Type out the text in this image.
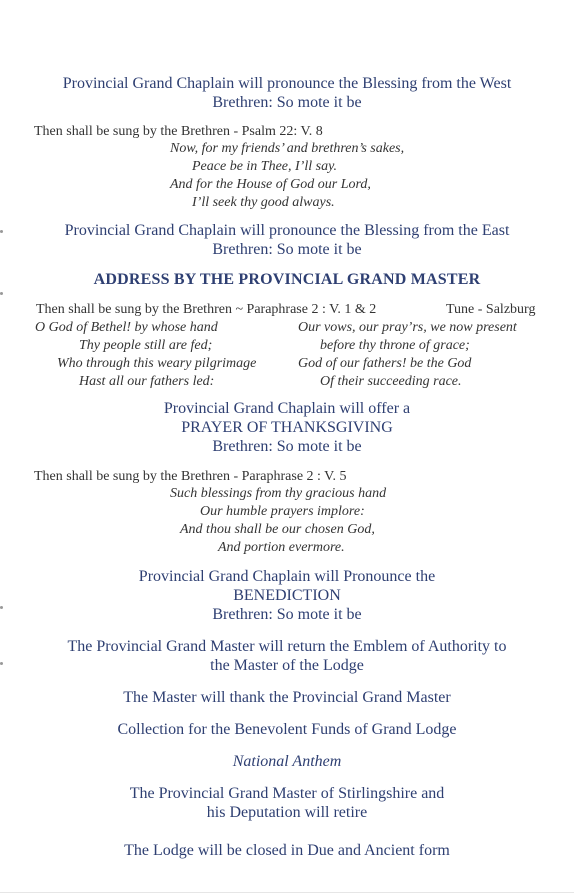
Provincial Grand Chaplain will pronounce the Blessing from the West
Brethren: So mote it be
Then shall be sung by the Brethren - Psalm 22: V. 8
Now, for my friends’ and brethren’s sakes,
Peace be in Thee, I’ll say.
And for the House of God our Lord,
I’ll seek thy good always.
Provincial Grand Chaplain will pronounce the Blessing from the East
Brethren: So mote it be
ADDRESS BY THE PROVINCIAL GRAND MASTER
Then shall be sung by the Brethren ~ Paraphrase 2 : V. 1 & 2	Tune - Salzburg
O God of Bethel! by whose hand
Thy people still are fed;
Who through this weary pilgrimage
Hast all our fathers led:
Our vows, our pray’rs, we now present
before thy throne of grace;
God of our fathers! be the God
Of their succeeding race.
Provincial Grand Chaplain will offer a
PRAYER OF THANKSGIVING
Brethren: So mote it be
Then shall be sung by the Brethren - Paraphrase 2 : V. 5
Such blessings from thy gracious hand
Our humble prayers implore:
And thou shall be our chosen God,
And portion evermore.
Provincial Grand Chaplain will Pronounce the
BENEDICTION
Brethren: So mote it be
The Provincial Grand Master will return the Emblem of Authority to
the Master of the Lodge
The Master will thank the Provincial Grand Master
Collection for the Benevolent Funds of Grand Lodge
National Anthem
The Provincial Grand Master of Stirlingshire and
his Deputation will retire
The Lodge will be closed in Due and Ancient form
